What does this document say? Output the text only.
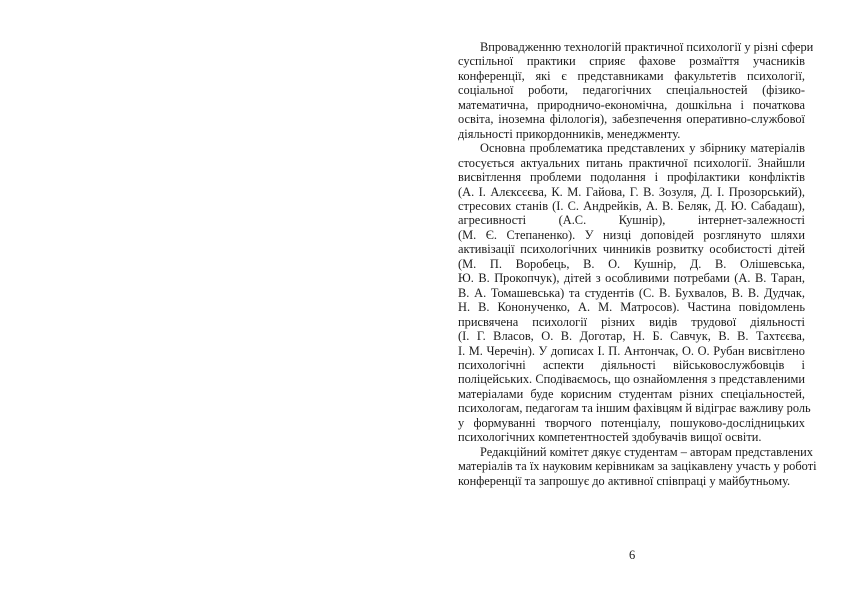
Впровадженню технологій практичної психології у різні сфери
суспільної практики сприяє фахове розмаїття учасників
конференції, які є представниками факультетів психології,
соціальної роботи, педагогічних спеціальностей (фізико-
математична, природничо-економічна, дошкільна і початкова
освіта, іноземна філологія), забезпечення оперативно-службової
діяльності прикордонників, менеджменту.
Основна проблематика представлених у збірнику матеріалів
стосується актуальних питань практичної психології. Знайшли
висвітлення проблеми подолання і профілактики конфліктів
(А. І. Алєксєєва, К. М. Гайова, Г. В. Зозуля, Д. І. Прозорський),
стресових станів (І. С. Андрейків, А. В. Беляк, Д. Ю. Сабадаш),
агресивності (А.С. Кушнір), інтернет-залежності
(М. Є. Степаненко). У низці доповідей розглянуто шляхи
активізації психологічних чинників розвитку особистості дітей
(М. П. Воробець, В. О. Кушнір, Д. В. Олішевська,
Ю. В. Прокопчук), дітей з особливими потребами (А. В. Таран,
В. А. Томашевська) та студентів (С. В. Бухвалов, В. В. Дудчак,
Н. В. Кононученко, А. М. Матросов). Частина повідомлень
присвячена психології різних видів трудової діяльності
(І. Г. Власов, О. В. Доготар, Н. Б. Савчук, В. В. Тахтєєва,
І. М. Черечін). У дописах І. П. Антончак, О. О. Рубан висвітлено
психологічні аспекти діяльності військовослужбовців і
поліцейських. Сподіваємось, що ознайомлення з представленими
матеріалами буде корисним студентам різних спеціальностей,
психологам, педагогам та іншим фахівцям й відіграє важливу роль
у формуванні творчого потенціалу, пошуково-дослідницьких
психологічних компетентностей здобувачів вищої освіти.
Редакційний комітет дякує студентам – авторам представлених
матеріалів та їх науковим керівникам за зацікавлену участь у роботі
конференції та запрошує до активної співпраці у майбутньому.
6
